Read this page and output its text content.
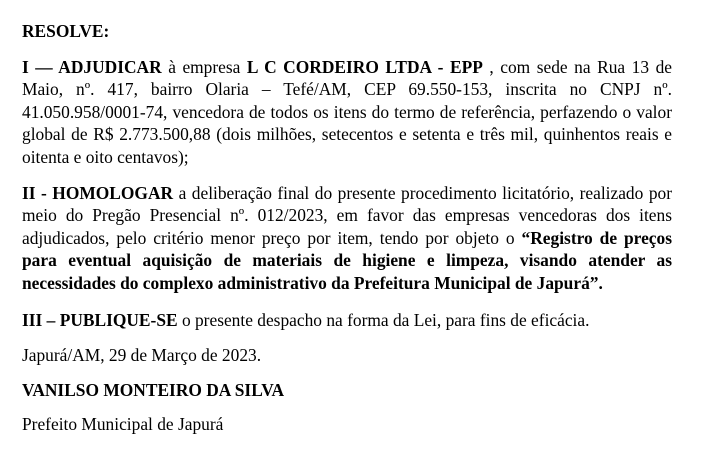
RESOLVE:

I — ADJUDICAR à empresa L C CORDEIRO LTDA - EPP , com sede na Rua 13 de Maio, nº. 417, bairro Olaria – Tefé/AM, CEP 69.550-153, inscrita no CNPJ nº. 41.050.958/0001-74, vencedora de todos os itens do termo de referência, perfazendo o valor global de R$ 2.773.500,88 (dois milhões, setecentos e setenta e três mil, quinhentos reais e oitenta e oito centavos);

II - HOMOLOGAR a deliberação final do presente procedimento licitatório, realizado por meio do Pregão Presencial nº. 012/2023, em favor das empresas vencedoras dos itens adjudicados, pelo critério menor preço por item, tendo por objeto o “Registro de preços para eventual aquisição de materiais de higiene e limpeza, visando atender as necessidades do complexo administrativo da Prefeitura Municipal de Japurá”.

III – PUBLIQUE-SE o presente despacho na forma da Lei, para fins de eficácia.

Japurá/AM, 29 de Março de 2023.

VANILSO MONTEIRO DA SILVA

Prefeito Municipal de Japurá
